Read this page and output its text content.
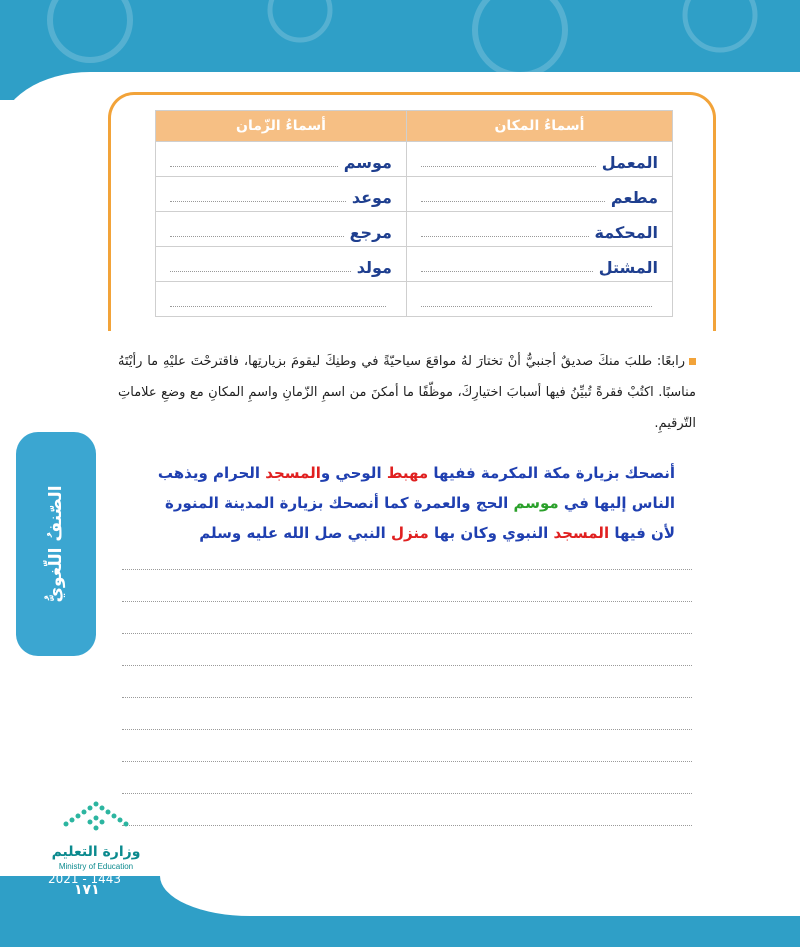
أسماءُ المكان	أسماءُ الزّمان

المعمل	موسم

مطعم	موعد

المحكمة	مرجع

المشتل	مولد

الصّنفُ اللّغويُّ
رابعًا: طلبَ منكَ صديقٌ أجنبيٌّ أنْ تختارَ لهُ مواقعَ سياحيّةً في وطنِكَ ليقومَ بزيارتِها، فاقترحْتَ عليْهِ ما رأيْتَهُ مناسبًا. اكتُبْ فقرةً تُبيِّنُ فيها أسبابَ اختيارِكَ، موظّفًا ما أمكنَ من اسمِ الزّمانِ واسمِ المكانِ مع وضعِ علاماتِ التّرقيمِ.
أنصحك بزيارة مكة المكرمة ففيها مهبط الوحي والمسجد الحرام ويذهب الناس إليها في موسم الحج والعمرة كما أنصحك بزيارة المدينة المنورة لأن فيها المسجد النبوي وكان بها منزل النبي صل الله عليه وسلم
وزارة التعليم
Ministry of Education
2021 - 1443
١٧١
